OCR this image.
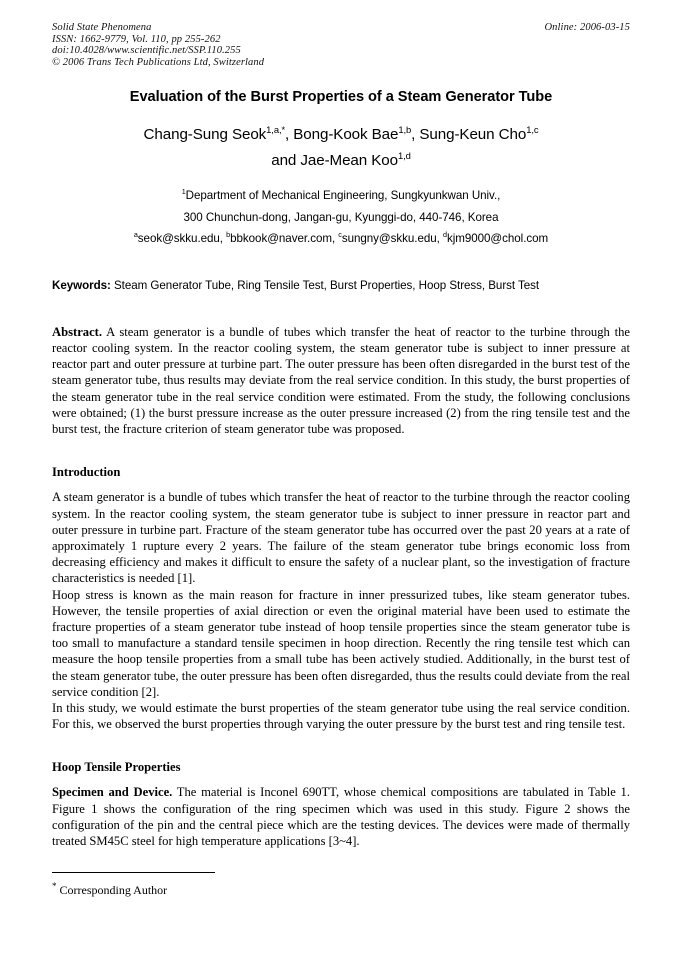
Solid State Phenomena	Online: 2006-03-15
ISSN: 1662-9779, Vol. 110, pp 255-262
doi:10.4028/www.scientific.net/SSP.110.255
© 2006 Trans Tech Publications Ltd, Switzerland
Evaluation of the Burst Properties of a Steam Generator Tube
Chang-Sung Seok$^{1,a,*}$, Bong-Kook Bae$^{1,b}$, Sung-Keun Cho$^{1,c}$
and Jae-Mean Koo$^{1,d}$
$^1$Department of Mechanical Engineering, Sungkyunkwan Univ.,
300 Chunchun-dong, Jangan-gu, Kyunggi-do, 440-746, Korea
$^a$seok@skku.edu, $^b$bbkook@naver.com, $^c$sungny@skku.edu, $^d$kjm9000@chol.com
Keywords: Steam Generator Tube, Ring Tensile Test, Burst Properties, Hoop Stress, Burst Test
Abstract. A steam generator is a bundle of tubes which transfer the heat of reactor to the turbine through the reactor cooling system. In the reactor cooling system, the steam generator tube is subject to inner pressure at reactor part and outer pressure at turbine part. The outer pressure has been often disregarded in the burst test of the steam generator tube, thus results may deviate from the real service condition. In this study, the burst properties of the steam generator tube in the real service condition were estimated. From the study, the following conclusions were obtained; (1) the burst pressure increase as the outer pressure increased (2) from the ring tensile test and the burst test, the fracture criterion of steam generator tube was proposed.
Introduction
A steam generator is a bundle of tubes which transfer the heat of reactor to the turbine through the reactor cooling system. In the reactor cooling system, the steam generator tube is subject to inner pressure in reactor part and outer pressure in turbine part. Fracture of the steam generator tube has occurred over the past 20 years at a rate of approximately 1 rupture every 2 years. The failure of the steam generator tube brings economic loss from decreasing efficiency and makes it difficult to ensure the safety of a nuclear plant, so the investigation of fracture characteristics is needed [1].
Hoop stress is known as the main reason for fracture in inner pressurized tubes, like steam generator tubes. However, the tensile properties of axial direction or even the original material have been used to estimate the fracture properties of a steam generator tube instead of hoop tensile properties since the steam generator tube is too small to manufacture a standard tensile specimen in hoop direction. Recently the ring tensile test which can measure the hoop tensile properties from a small tube has been actively studied. Additionally, in the burst test of the steam generator tube, the outer pressure has been often disregarded, thus the results could deviate from the real service condition [2].
In this study, we would estimate the burst properties of the steam generator tube using the real service condition. For this, we observed the burst properties through varying the outer pressure by the burst test and ring tensile test.
Hoop Tensile Properties
Specimen and Device. The material is Inconel 690TT, whose chemical compositions are tabulated in Table 1. Figure 1 shows the configuration of the ring specimen which was used in this study. Figure 2 shows the configuration of the pin and the central piece which are the testing devices. The devices were made of thermally treated SM45C steel for high temperature applications [3~4].
* Corresponding Author
